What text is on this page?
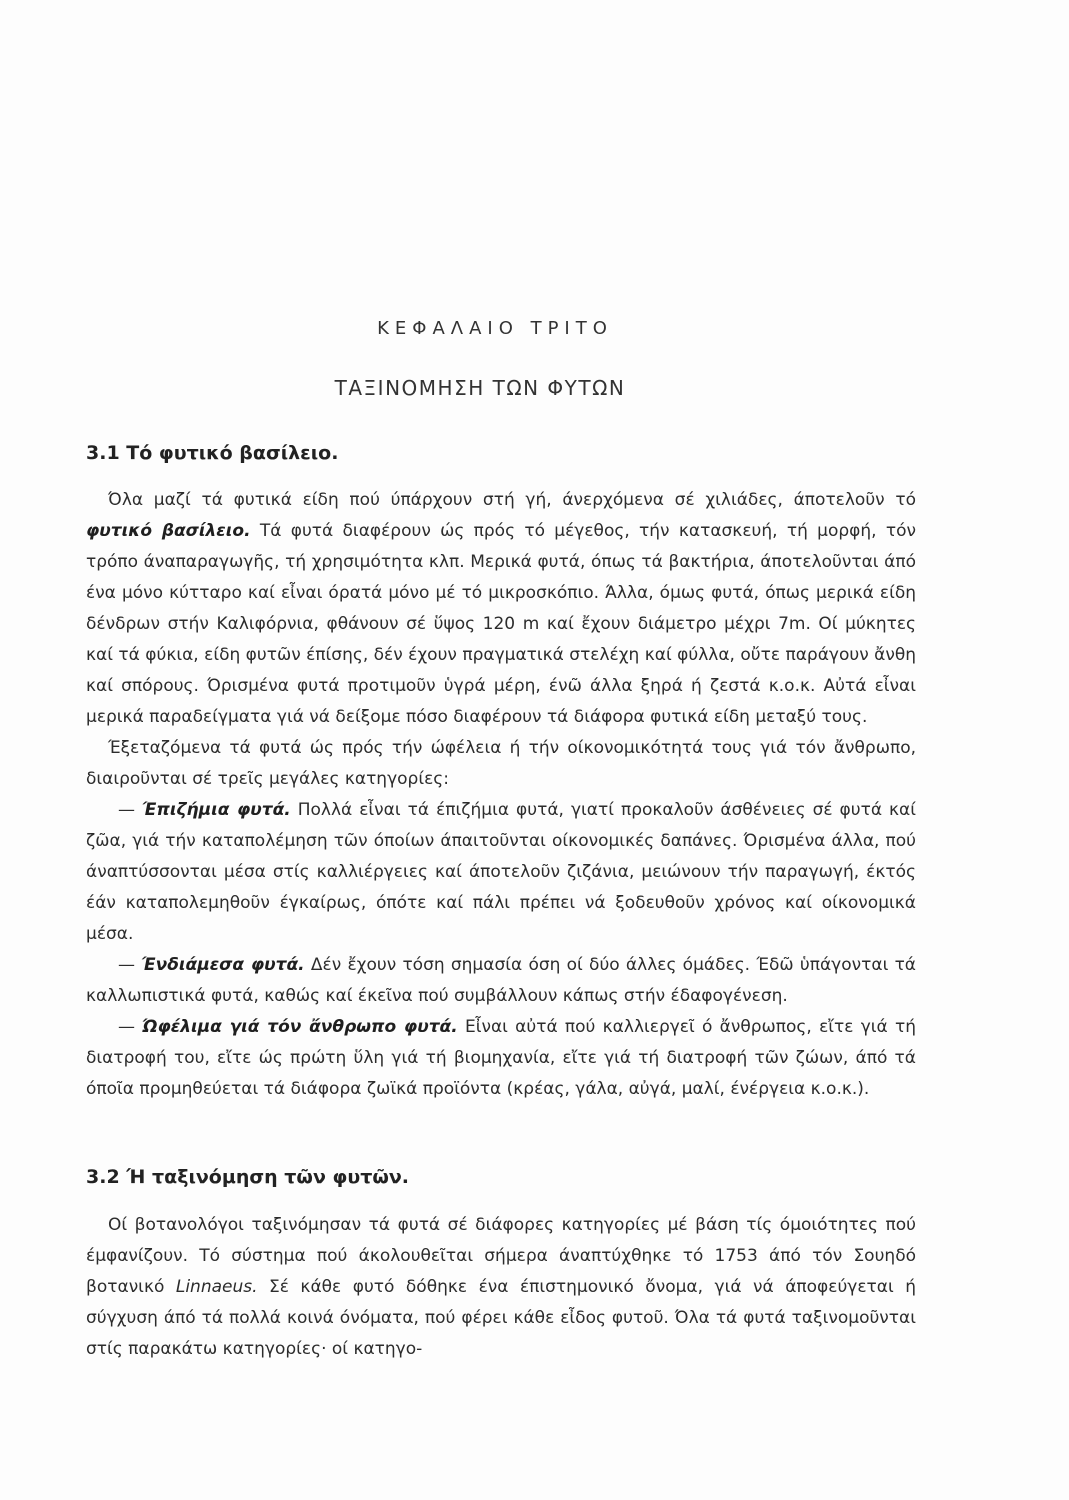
ΚΕΦΑΛΑΙΟ ΤΡΙΤΟ
ΤΑΞΙΝΟΜΗΣΗ ΤΩΝ ΦΥΤΩΝ
3.1 Τό φυτικό βασίλειο.

Όλα μαζί τά φυτικά είδη πού ύπάρχουν στή γή, άνερχόμενα σέ χιλιάδες, άποτελοῦν τό φυτικό βασίλειο. Τά φυτά διαφέρουν ώς πρός τό μέγεθος, τήν κατασκευή, τή μορφή, τόν τρόπο άναπαραγωγῆς, τή χρησιμότητα κλπ. Μερικά φυτά, όπως τά βακτήρια, άποτελοῦνται άπό ένα μόνο κύτταρο καί εἶναι όρατά μόνο μέ τό μικροσκόπιο. Άλλα, όμως φυτά, όπως μερικά είδη δένδρων στήν Καλιφόρνια, φθάνουν σέ ὕψος 120 m καί ἔχουν διάμετρο μέχρι 7m. Οί μύκητες καί τά φύκια, είδη φυτῶν έπίσης, δέν έχουν πραγματικά στελέχη καί φύλλα, οὔτε παράγουν ἄνθη καί σπόρους. Όρισμένα φυτά προτιμοῦν ὑγρά μέρη, ένῶ άλλα ξηρά ή ζεστά κ.ο.κ. Αὐτά εἶναι μερικά παραδείγματα γιά νά δείξομε πόσο διαφέρουν τά διάφορα φυτικά είδη μεταξύ τους.

Έξεταζόμενα τά φυτά ώς πρός τήν ώφέλεια ή τήν οίκονομικότητά τους γιά τόν ἄνθρωπο, διαιροῦνται σέ τρεῖς μεγάλες κατηγορίες:

— Έπιζήμια φυτά. Πολλά εἶναι τά έπιζήμια φυτά, γιατί προκαλοῦν άσθένειες σέ φυτά καί ζῶα, γιά τήν καταπολέμηση τῶν όποίων άπαιτοῦνται οίκονομικές δαπάνες. Όρισμένα άλλα, πού άναπτύσσονται μέσα στίς καλλιέργειες καί άποτελοῦν ζιζάνια, μειώνουν τήν παραγωγή, έκτός έάν καταπολεμηθοῦν έγκαίρως, όπότε καί πάλι πρέπει νά ξοδευθοῦν χρόνος καί οίκονομικά μέσα.

— Ένδιάμεσα φυτά. Δέν ἔχουν τόση σημασία όση οί δύο άλλες όμάδες. Έδῶ ὑπάγονται τά καλλωπιστικά φυτά, καθώς καί έκεῖνα πού συμβάλλουν κάπως στήν έδαφογένεση.

— Ώφέλιμα γιά τόν ἄνθρωπο φυτά. Εἶναι αὐτά πού καλλιεργεῖ ό ἄνθρωπος, εἴτε γιά τή διατροφή του, εἴτε ώς πρώτη ὕλη γιά τή βιομηχανία, εἴτε γιά τή διατροφή τῶν ζώων, άπό τά όποῖα προμηθεύεται τά διάφορα ζωϊκά προϊόντα (κρέας, γάλα, αὐγά, μαλί, ένέργεια κ.ο.κ.).

3.2 Ή ταξινόμηση τῶν φυτῶν.

Οί βοτανολόγοι ταξινόμησαν τά φυτά σέ διάφορες κατηγορίες μέ βάση τίς όμοιότητες πού έμφανίζουν. Τό σύστημα πού άκολουθεῖται σήμερα άναπτύχθηκε τό 1753 άπό τόν Σουηδό βοτανικό Linnaeus. Σέ κάθε φυτό δόθηκε ένα έπιστημονικό ὄνομα, γιά νά άποφεύγεται ή σύγχυση άπό τά πολλά κοινά όνόματα, πού φέρει κάθε εἶδος φυτοῦ. Όλα τά φυτά ταξινομοῦνται στίς παρακάτω κατηγορίες· οί κατηγο-
